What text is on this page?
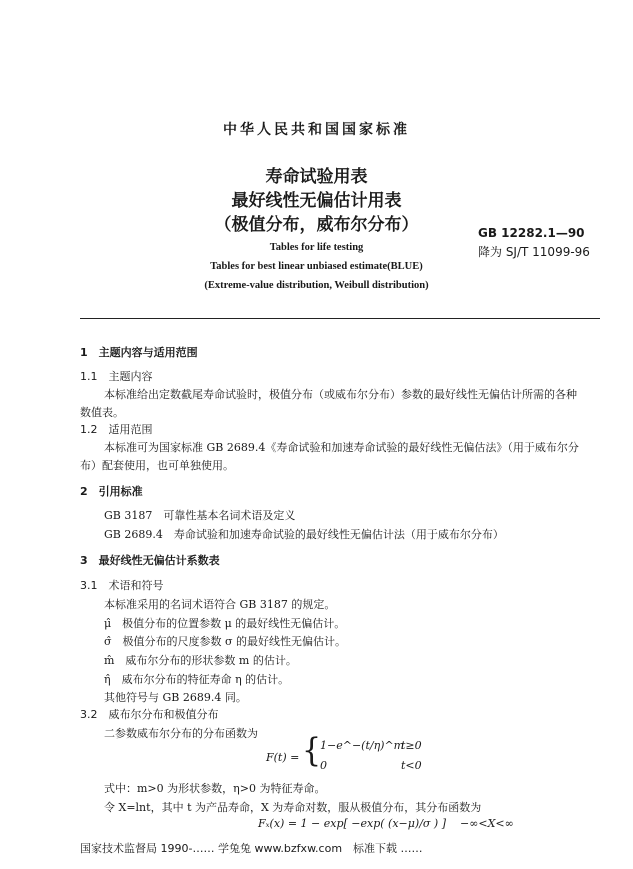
中华人民共和国国家标准
寿命试验用表
最好线性无偏估计用表
（极值分布，威布尔分布）	GB 12282.1—90
降为 SJ/T 11099-96
Tables for life testing
Tables for best linear unbiased estimate(BLUE)
(Extreme-value distribution, Weibull distribution)
1　主题内容与适用范围
1.1　主题内容
本标准给出定数截尾寿命试验时，极值分布（或威布尔分布）参数的最好线性无偏估计所需的各种
数值表。
1.2　适用范围
本标准可为国家标准 GB 2689.4《寿命试验和加速寿命试验的最好线性无偏估法》（用于威布尔分
布）配套使用，也可单独使用。
2　引用标准
GB 3187　可靠性基本名词术语及定义
GB 2689.4　寿命试验和加速寿命试验的最好线性无偏估计法（用于威布尔分布）
3　最好线性无偏估计系数表
3.1　术语和符号
本标准采用的名词术语符合 GB 3187 的规定。
μ̂　极值分布的位置参数 μ 的最好线性无偏估计。
σ̂　极值分布的尺度参数 σ 的最好线性无偏估计。
m̂　威布尔分布的形状参数 m 的估计。
η̂　威布尔分布的特征寿命 η 的估计。
其他符号与 GB 2689.4 同。
3.2　威布尔分布和极值分布
二参数威布尔分布的分布函数为
F(t) = {
1−e^−(t/η)^m
t≥0
0	t<0
式中：m>0 为形状参数，η>0 为特征寿命。
令 X=lnt，其中 t 为产品寿命，X 为寿命对数，服从极值分布，其分布函数为
Fₓ(x) = 1 − exp[ −exp( (x−μ)/σ ) ] −∞<X<∞
国家技术监督局 1990-…… 学兔兔 www.bzfxw.com　标准下载 ……
